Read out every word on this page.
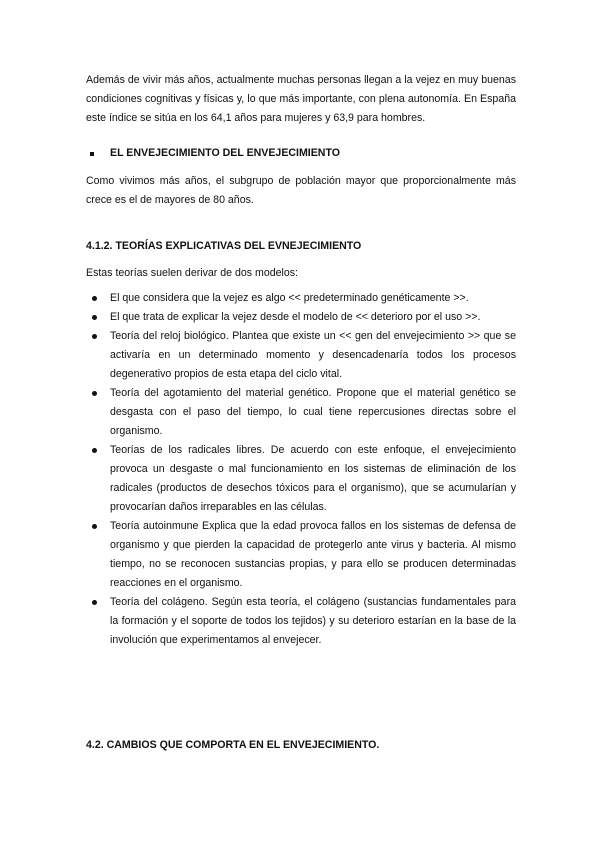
Además de vivir más años, actualmente muchas personas llegan a la vejez en muy buenas condiciones cognitivas y físicas y, lo que más importante, con plena autonomía. En España este índice se sitúa en los 64,1 años para mujeres y 63,9 para hombres.

EL ENVEJECIMIENTO DEL ENVEJECIMIENTO

Como vivimos más años, el subgrupo de población mayor que proporcionalmente más crece es el de mayores de 80 años.

4.1.2. TEORÍAS EXPLICATIVAS DEL EVNEJECIMIENTO

Estas teorías suelen derivar de dos modelos:

El que considera que la vejez es algo << predeterminado genéticamente >>.
El que trata de explicar la vejez desde el modelo de << deterioro por el uso >>.
Teoría del reloj biológico. Plantea que existe un << gen del envejecimiento >> que se activaría en un determinado momento y desencadenaría todos los procesos degenerativo propios de esta etapa del ciclo vital.
Teoría del agotamiento del material genético. Propone que el material genético se desgasta con el paso del tiempo, lo cual tiene repercusiones directas sobre el organismo.
Teorías de los radicales libres. De acuerdo con este enfoque, el envejecimiento provoca un desgaste o mal funcionamiento en los sistemas de eliminación de los radicales (productos de desechos tóxicos para el organismo), que se acumularían y provocarían daños irreparables en las células.
Teoría autoinmune Explica que la edad provoca fallos en los sistemas de defensa de organismo y que pierden la capacidad de protegerlo ante virus y bacteria. Al mismo tiempo, no se reconocen sustancias propias, y para ello se producen determinadas reacciones en el organismo.
Teoría del colágeno. Según esta teoría, el colágeno (sustancias fundamentales para la formación y el soporte de todos los tejidos) y su deterioro estarían en la base de la involución que experimentamos al envejecer.
4.2. CAMBIOS QUE COMPORTA EN EL ENVEJECIMIENTO.
